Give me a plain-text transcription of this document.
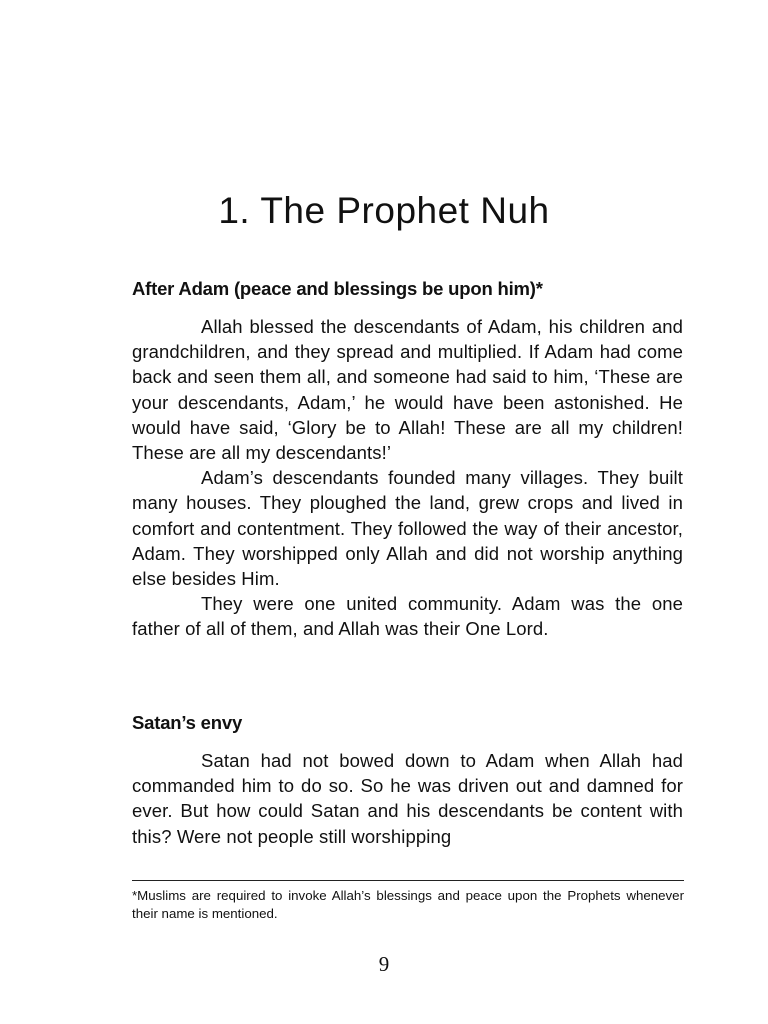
1. The Prophet Nuh
After Adam (peace and blessings be upon him)*

Allah blessed the descendants of Adam, his children and grandchildren, and they spread and multiplied. If Adam had come back and seen them all, and someone had said to him, ‘These are your descendants, Adam,’ he would have been astonished. He would have said, ‘Glory be to Allah! These are all my children! These are all my descendants!’

Adam’s descendants founded many villages. They built many houses. They ploughed the land, grew crops and lived in comfort and contentment. They followed the way of their ancestor, Adam. They worshipped only Allah and did not worship anything else besides Him.

They were one united community. Adam was the one father of all of them, and Allah was their One Lord.

Satan’s envy

Satan had not bowed down to Adam when Allah had commanded him to do so. So he was driven out and damned for ever. But how could Satan and his descendants be content with this? Were not people still worshipping

*Muslims are required to invoke Allah’s blessings and peace upon the Prophets whenever their name is mentioned.

9
